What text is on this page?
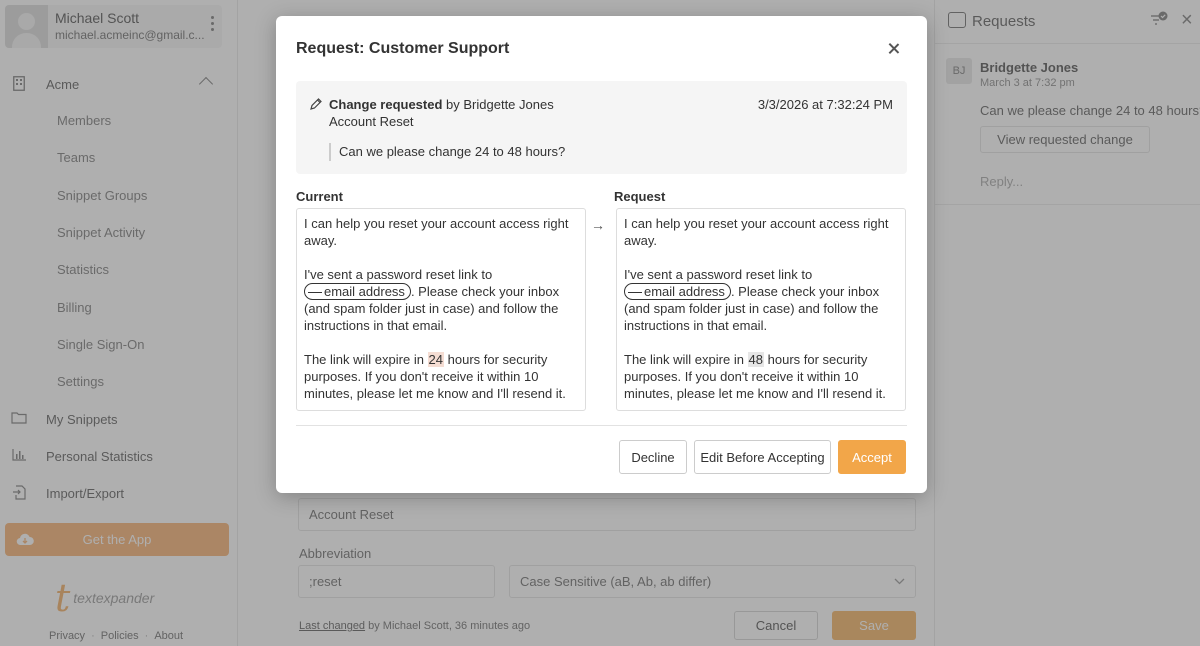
Request: Customer Support
Change requested by Bridgette Jones
Account Reset
3/3/2026 at 7:32:24 PM
Can we please change 24 to 48 hours?
Current	Request

I can help you reset your account access right away.

I've sent a password reset link to
email address . Please check your inbox (and spam folder just in case) and follow the instructions in that email.

The link will expire in 24 hours for security purposes. If you don't receive it within 10 minutes, please let me know and I'll resend it.

→ I can help you reset your account access right away.

I've sent a password reset link to
email address . Please check your inbox (and spam folder just in case) and follow the instructions in that email.

The link will expire in 48 hours for security purposes. If you don't receive it within 10 minutes, please let me know and I'll resend it.

Decline	Edit Before Accepting	Accept
